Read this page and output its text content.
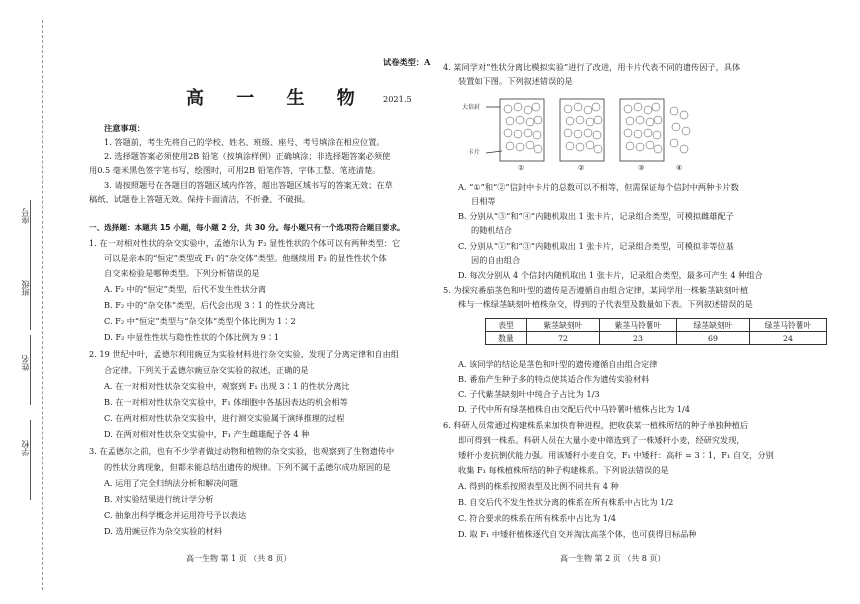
座号
班级
姓名
学校
试卷类型：A
高 一 生 物 2021.5
注意事项：
1. 答题前，考生先将自己的学校、姓名、班级、座号、考号填涂在相应位置。
2. 选择题答案必须使用2B 铅笔（按填涂样例）正确填涂；非选择题答案必须使
用0.5 毫米黑色签字笔书写，绘图时，可用2B 铅笔作答，字体工整、笔迹清楚。
3. 请按照题号在各题目的答题区域内作答，超出答题区域书写的答案无效；在草
稿纸、试题卷上答题无效。保持卡面清洁，不折叠、不破损。
一、选择题：本题共 15 小题，每小题 2 分，共 30 分。每小题只有一个选项符合题目要求。
1. 在一对相对性状的杂交实验中，孟德尔认为 F₂ 显性性状的个体可以有两种类型：它
可以是亲本的“恒定”类型或 F₁ 的“杂交体”类型。他继续用 F₂ 的显性性状个体
自交来检验是哪种类型。下列分析错误的是
A. F₂ 中的“恒定”类型，后代不发生性状分离
B. F₂ 中的“杂交体”类型，后代会出现 3∶1 的性状分离比
C. F₂ 中“恒定”类型与“杂交体”类型个体比例为 1∶2
D. F₂ 中显性性状与隐性性状的个体比例为 9∶1
2. 19 世纪中叶，孟德尔利用豌豆为实验材料进行杂交实验，发现了分离定律和自由组
合定律。下列关于孟德尔豌豆杂交实验的叙述，正确的是
A. 在一对相对性状杂交实验中，观察到 F₁ 出现 3∶1 的性状分离比
B. 在一对相对性状杂交实验中，F₁ 体细胞中各基因表达的机会相等
C. 在两对相对性状杂交实验中，进行测交实验属于演绎推理的过程
D. 在两对相对性状杂交实验中，F₁ 产生雌雄配子各 4 种
3. 在孟德尔之前，也有不少学者做过动物和植物的杂交实验，也观察到了生物遗传中
的性状分离现象，但都未能总结出遗传的规律。下列不属于孟德尔成功原因的是
A. 运用了完全归纳法分析和解决问题
B. 对实验结果进行统计学分析
C. 抽象出科学概念并运用符号予以表达
D. 选用豌豆作为杂交实验的材料
高一生物 第 1 页 （共 8 页）
4. 某同学对“性状分离比模拟实验”进行了改进，用卡片代表不同的遗传因子，具体
装置如下图。下列叙述错误的是
大信封
卡片
①	②	③	④
A. “①”和“②”信封中卡片的总数可以不相等，但需保证每个信封中两种卡片数
目相等
B. 分别从“③”和“④”内随机取出 1 张卡片，记录组合类型，可模拟雌雄配子
的随机结合
C. 分别从“①”和“③”内随机取出 1 张卡片，记录组合类型，可模拟非等位基
因的自由组合
D. 每次分别从 4 个信封内随机取出 1 张卡片，记录组合类型，最多可产生 4 种组合
5. 为探究番茄茎色和叶型的遗传是否遵循自由组合定律，某同学用一株紫茎缺刻叶植
株与一株绿茎缺刻叶植株杂交，得到的子代表型及数量如下表。下列叙述错误的是
表型	紫茎缺刻叶	紫茎马铃薯叶	绿茎缺刻叶	绿茎马铃薯叶
数量	72	23	69	24
A. 该同学的结论是茎色和叶型的遗传遵循自由组合定律
B. 番茄产生种子多的特点使其适合作为遗传实验材料
C. 子代紫茎缺刻叶中纯合子占比为 1/3
D. 子代中所有绿茎植株自由交配后代中马铃薯叶植株占比为 1/4
6. 科研人员常通过构建株系来加快育种进程，把收获某一植株所结的种子单独种植后
即可得到一株系。科研人员在大量小麦中筛选到了一株矮秆小麦，经研究发现，
矮秆小麦抗倒伏能力强。用该矮秆小麦自交，F₁ 中矮秆：高秆 = 3∶1，F₁ 自交，分别
收集 F₁ 每株植株所结的种子构建株系。下列说法错误的是
A. 得到的株系按照表型及比例不同共有 4 种
B. 自交后代不发生性状分离的株系在所有株系中占比为 1/2
C. 符合要求的株系在所有株系中占比为 1/4
D. 取 F₁ 中矮秆植株逐代自交并淘汰高茎个体，也可获得目标品种
高一生物 第 2 页 （共 8 页）
